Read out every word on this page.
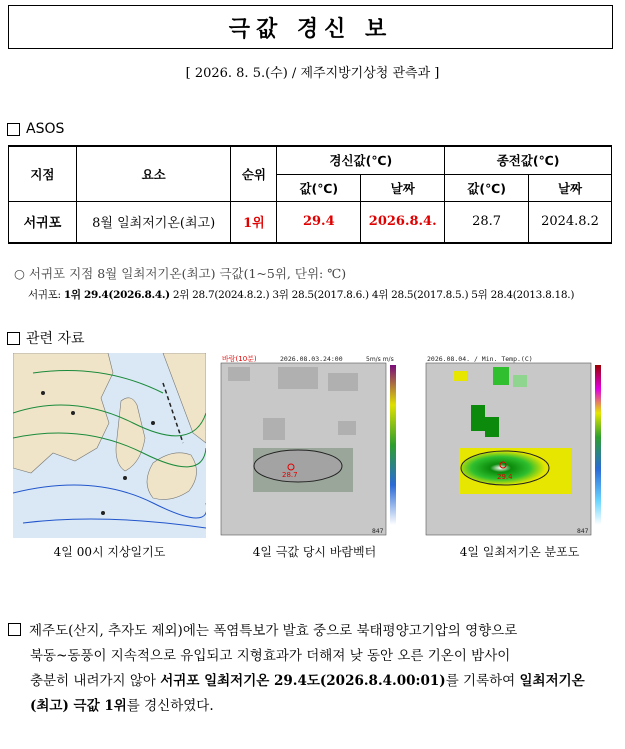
극값 경신 보
[ 2026. 8. 5.(수) / 제주지방기상청 관측과 ]
ASOS
지점	요소	순위	경신값(℃)		종전값(℃)	
			값(℃)	날짜	값(℃)	날짜
서귀포	8월 일최저기온(최고)	1위	29.4	2026.8.4.	28.7	2024.8.2
○ 서귀포 지점 8월 일최저기온(최고) 극값(1~5위, 단위: ℃)
서귀포: 1위 29.4(2026.8.4.) 2위 28.7(2024.8.2.) 3위 28.5(2017.8.6.) 4위 28.5(2017.8.5.) 5위 28.4(2013.8.18.)
관련 자료
28.7
바람(10분)	2026.08.03.24:00	5m/s m/s
847
29.4
2026.08.04. / Min. Temp.(C)
847
4일 00시 지상일기도	4일 극값 당시 바람벡터	4일 일최저기온 분포도
제주도(산지, 추자도 제외)에는 폭염특보가 발효 중으로 북태평양고기압의 영향으로
북동~동풍이 지속적으로 유입되고 지형효과가 더해져 낮 동안 오른 기온이 밤사이
충분히 내려가지 않아 서귀포 일최저기온 29.4도(2026.8.4.00:01)를 기록하여 일최저기온
(최고) 극값 1위를 경신하였다.
